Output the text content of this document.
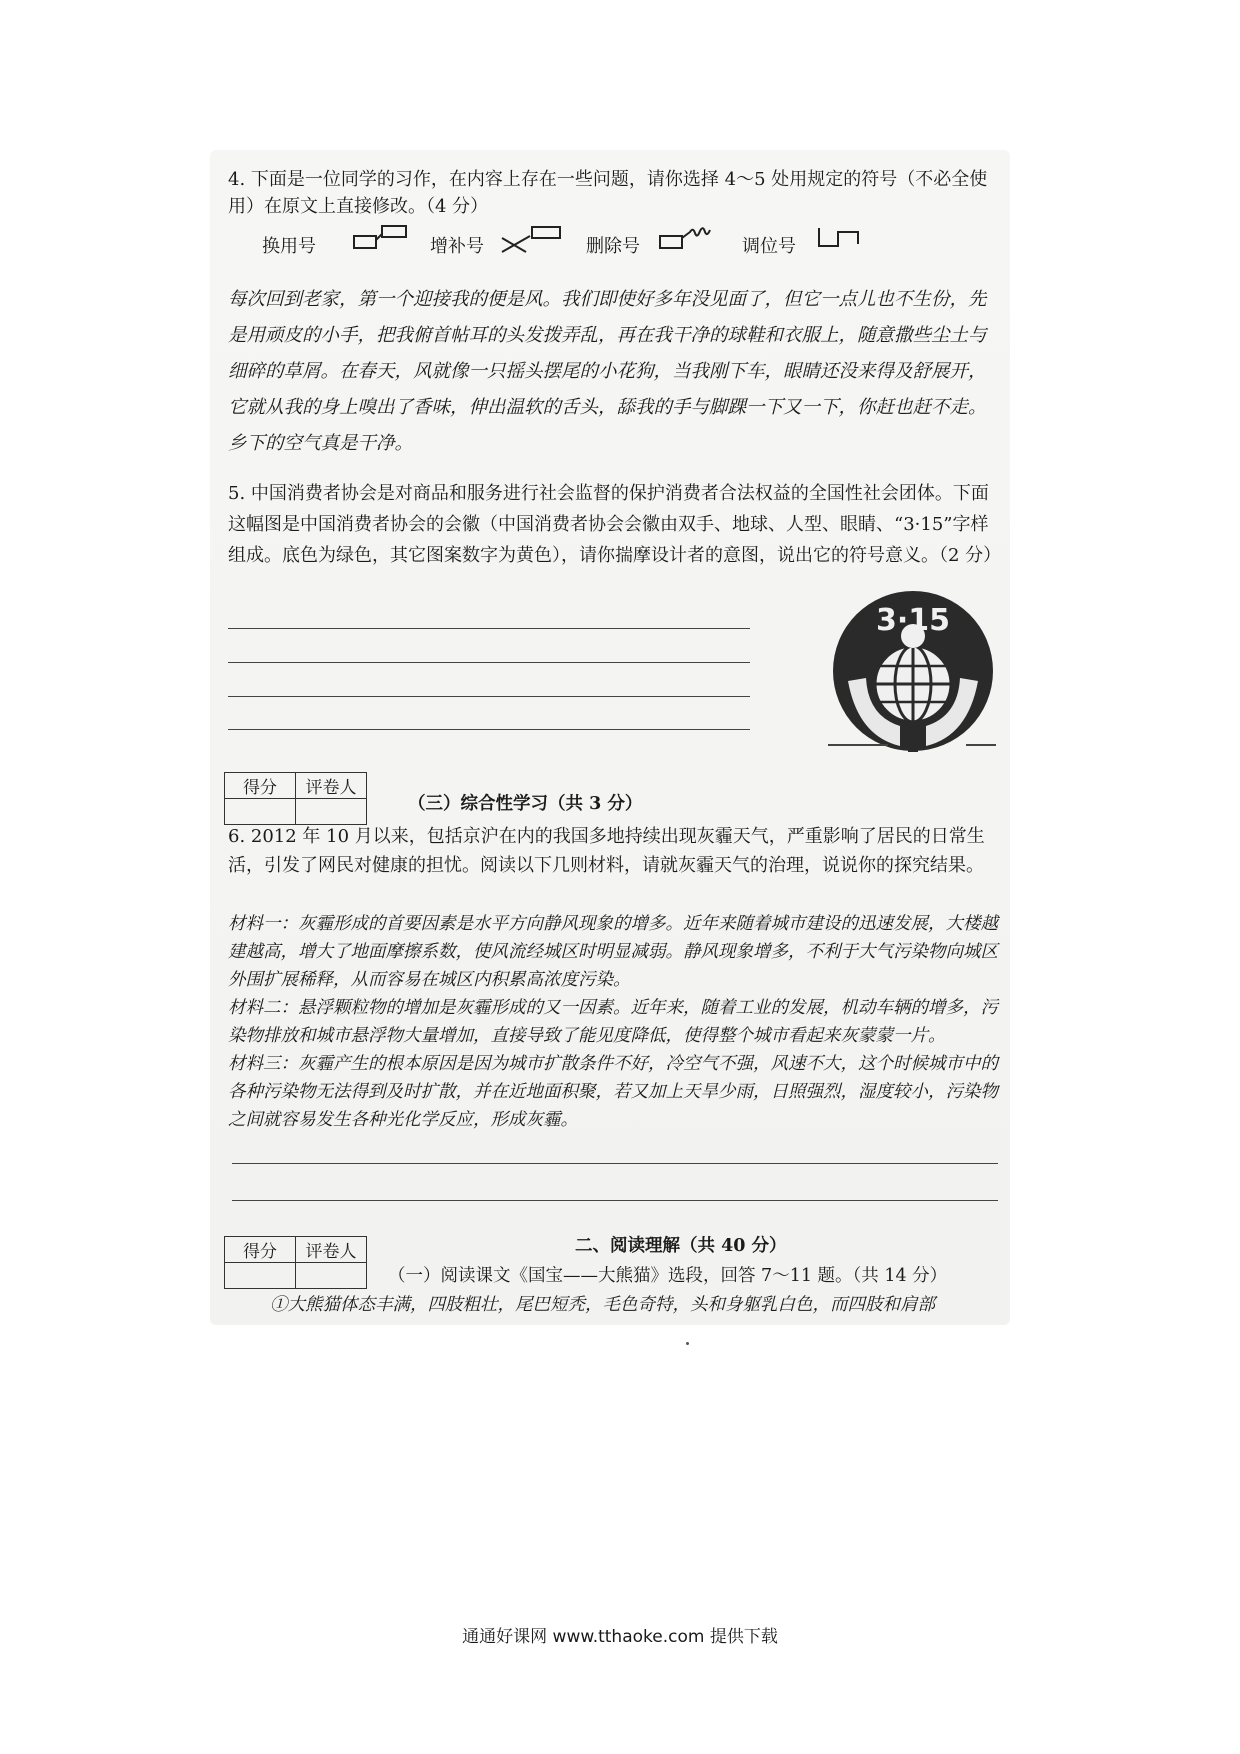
4. 下面是一位同学的习作，在内容上存在一些问题，请你选择 4～5 处用规定的符号（不必全使用）在原文上直接修改。（4 分）
换用号	增补号	删除号	调位号
每次回到老家，第一个迎接我的便是风。我们即使好多年没见面了，但它一点儿也不生份，先是用顽皮的小手，把我俯首帖耳的头发拨弄乱，再在我干净的球鞋和衣服上，随意撒些尘土与细碎的草屑。在春天，风就像一只摇头摆尾的小花狗，当我刚下车，眼睛还没来得及舒展开，它就从我的身上嗅出了香味，伸出温软的舌头，舔我的手与脚踝一下又一下，你赶也赶不走。乡下的空气真是干净。
5. 中国消费者协会是对商品和服务进行社会监督的保护消费者合法权益的全国性社会团体。下面这幅图是中国消费者协会的会徽（中国消费者协会会徽由双手、地球、人型、眼睛、“3·15”字样组成。底色为绿色，其它图案数字为黄色），请你揣摩设计者的意图，说出它的符号意义。（2 分）
3·15
得分	评卷人

（三）综合性学习（共 3 分）
6. 2012 年 10 月以来，包括京沪在内的我国多地持续出现灰霾天气，严重影响了居民的日常生活，引发了网民对健康的担忧。阅读以下几则材料，请就灰霾天气的治理，说说你的探究结果。
材料一：灰霾形成的首要因素是水平方向静风现象的增多。近年来随着城市建设的迅速发展，大楼越建越高，增大了地面摩擦系数，使风流经城区时明显减弱。静风现象增多，不利于大气污染物向城区外围扩展稀释，从而容易在城区内积累高浓度污染。
材料二：悬浮颗粒物的增加是灰霾形成的又一因素。近年来，随着工业的发展，机动车辆的增多，污染物排放和城市悬浮物大量增加，直接导致了能见度降低，使得整个城市看起来灰蒙蒙一片。
材料三：灰霾产生的根本原因是因为城市扩散条件不好，冷空气不强，风速不大，这个时候城市中的各种污染物无法得到及时扩散，并在近地面积聚，若又加上天旱少雨，日照强烈，湿度较小，污染物之间就容易发生各种光化学反应，形成灰霾。
得分	评卷人
		二、阅读理解（共 40 分）
（一）阅读课文《国宝——大熊猫》选段，回答 7～11 题。（共 14 分）
①大熊猫体态丰满，四肢粗壮，尾巴短秃，毛色奇特，头和身躯乳白色，而四肢和肩部
通通好课网 www.tthaoke.com 提供下载
